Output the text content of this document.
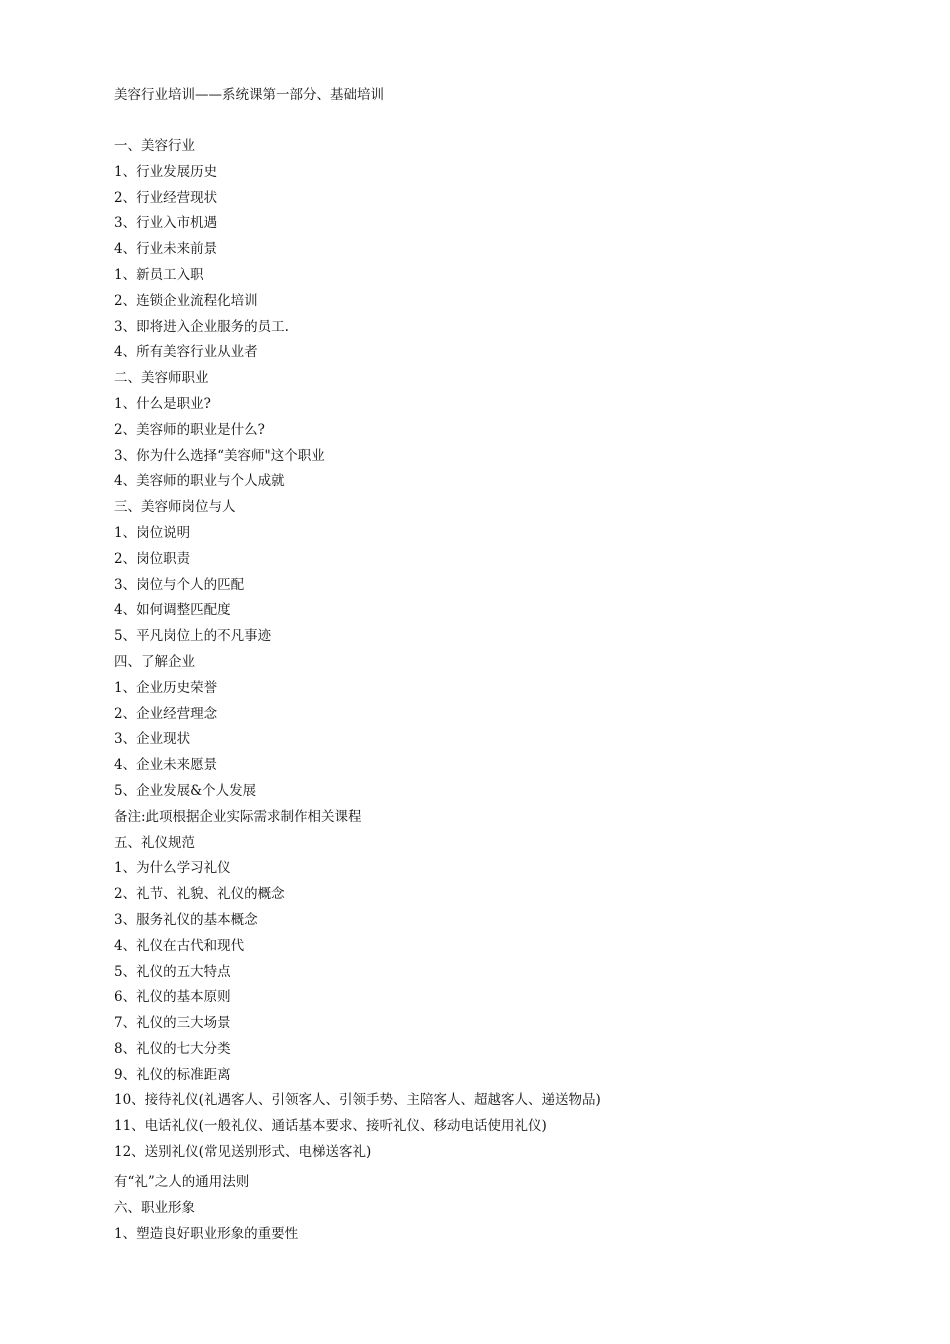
美容行业培训——系统课第一部分、基础培训
一、美容行业
1、行业发展历史
2、行业经营现状
3、行业入市机遇
4、行业未来前景
1、新员工入职
2、连锁企业流程化培训
3、即将进入企业服务的员工.
4、所有美容行业从业者
二、美容师职业
1、什么是职业?
2、美容师的职业是什么?
3、你为什么选择“美容师"这个职业
4、美容师的职业与个人成就
三、美容师岗位与人
1、岗位说明
2、岗位职责
3、岗位与个人的匹配
4、如何调整匹配度
5、平凡岗位上的不凡事迹
四、了解企业
1、企业历史荣誉
2、企业经营理念
3、企业现状
4、企业未来愿景
5、企业发展&个人发展
备注:此项根据企业实际需求制作相关课程
五、礼仪规范
1、为什么学习礼仪
2、礼节、礼貌、礼仪的概念
3、服务礼仪的基本概念
4、礼仪在古代和现代
5、礼仪的五大特点
6、礼仪的基本原则
7、礼仪的三大场景
8、礼仪的七大分类
9、礼仪的标准距离
10、接待礼仪(礼遇客人、引领客人、引领手势、主陪客人、超越客人、递送物品)
11、电话礼仪(一般礼仪、通话基本要求、接听礼仪、移动电话使用礼仪)
12、送别礼仪(常见送别形式、电梯送客礼)
有“礼”之人的通用法则
六、职业形象
1、塑造良好职业形象的重要性
